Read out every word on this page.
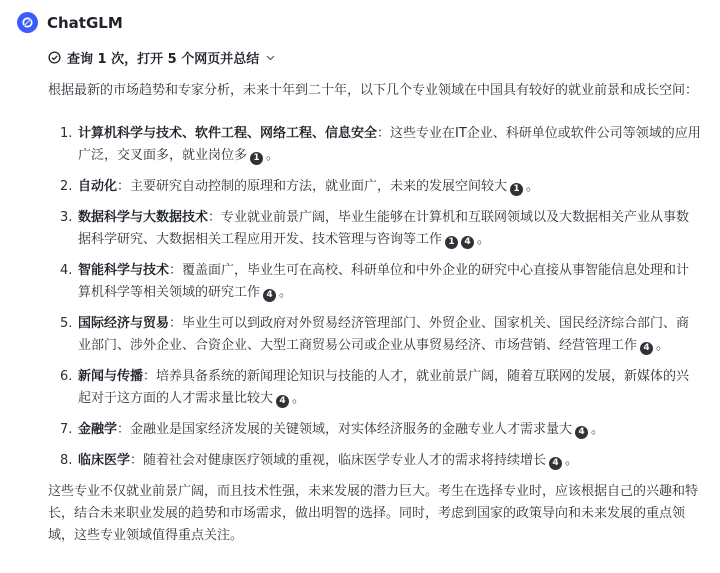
ChatGLM
查询 1 次，打开 5 个网页并总结

根据最新的市场趋势和专家分析，未来十年到二十年，以下几个专业领域在中国具有较好的就业前景和成长空间：

1. 计算机科学与技术、软件工程、网络工程、信息安全：这些专业在IT企业、科研单位或软件公司等领域的应用广泛，交叉面多，就业岗位多 1 。
2. 自动化：主要研究自动控制的原理和方法，就业面广，未来的发展空间较大 1 。
3. 数据科学与大数据技术：专业就业前景广阔，毕业生能够在计算机和互联网领域以及大数据相关产业从事数据科学研究、大数据相关工程应用开发、技术管理与咨询等工作 1 4 。
4. 智能科学与技术：覆盖面广，毕业生可在高校、科研单位和中外企业的研究中心直接从事智能信息处理和计算机科学等相关领域的研究工作 4 。
5. 国际经济与贸易：毕业生可以到政府对外贸易经济管理部门、外贸企业、国家机关、国民经济综合部门、商业部门、涉外企业、合资企业、大型工商贸易公司或企业从事贸易经济、市场营销、经营管理工作 4 。
6. 新闻与传播：培养具备系统的新闻理论知识与技能的人才，就业前景广阔，随着互联网的发展，新媒体的兴起对于这方面的人才需求量比较大 4 。
7. 金融学：金融业是国家经济发展的关键领域，对实体经济服务的金融专业人才需求量大 4 。
8. 临床医学：随着社会对健康医疗领域的重视，临床医学专业人才的需求将持续增长 4 。

这些专业不仅就业前景广阔，而且技术性强，未来发展的潜力巨大。考生在选择专业时，应该根据自己的兴趣和特长，结合未来职业发展的趋势和市场需求，做出明智的选择。同时，考虑到国家的政策导向和未来发展的重点领域，这些专业领域值得重点关注。
